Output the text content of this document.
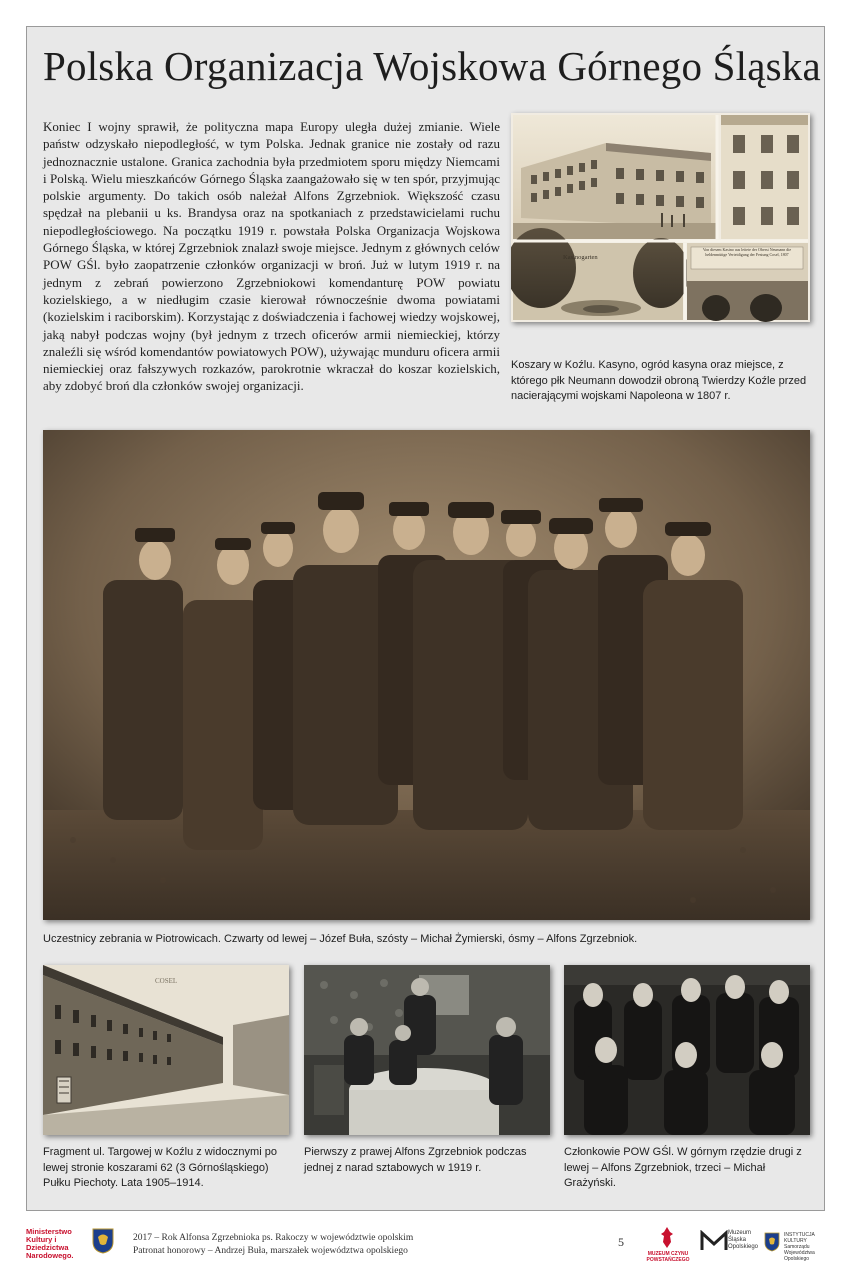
Polska Organizacja Wojskowa Górnego Śląska

Koniec I wojny sprawił, że polityczna mapa Europy uległa dużej zmianie. Wiele państw odzyskało niepodległość, w tym Polska. Jednak granice nie zostały od razu jednoznacznie ustalone. Granica zachodnia była przedmiotem sporu między Niemcami i Polską. Wielu mieszkańców Górnego Śląska zaangażowało się w ten spór, przyjmując polskie argumenty. Do takich osób należał Alfons Zgrzebniok. Większość czasu spędzał na plebanii u ks. Brandysa oraz na spotkaniach z przedstawicielami ruchu niepodległościowego. Na początku 1919 r. powstała Polska Organizacja Wojskowa Górnego Śląska, w której Zgrzebniok znalazł swoje miejsce. Jednym z głównych celów POW GŚl. było zaopatrzenie członków organizacji w broń. Już w lutym 1919 r. na jednym z zebrań powierzono Zgrzebniokowi komendanturę POW powiatu kozielskiego, a w niedługim czasie kierował równocześnie dwoma powiatami (kozielskim i raciborskim). Korzystając z doświadczenia i fachowej wiedzy wojskowej, jaką nabył podczas wojny (był jednym z trzech oficerów armii niemieckiej, którzy znaleźli się wśród komendantów powiatowych POW), używając munduru oficera armii niemieckiej oraz fałszywych rozkazów, parokrotnie wkraczał do koszar kozielskich, aby zdobyć broń dla członków swojej organizacji.

Kasinogarten
Von diesem Kasino aus leitete der Oberst Neumann die heldenmütige Verteidigung der Festung Cosel, 1807
Koszary w Koźlu. Kasyno, ogród kasyna oraz miejsce, z którego płk Neumann dowodził obroną Twierdzy Koźle przed nacierającymi wojskami Napoleona w 1807 r.
Uczestnicy zebrania w Piotrowicach. Czwarty od lewej – Józef Buła, szósty – Michał Żymierski, ósmy – Alfons Zgrzebniok.
COSEL
Fragment ul. Targowej w Koźlu z widocznymi po lewej stronie koszarami 62 (3 Górnośląskiego) Pułku Piechoty. Lata 1905–1914.
Pierwszy z prawej Alfons Zgrzebniok podczas jednej z narad sztabowych w 1919 r.
Członkowie POW GŚl. W górnym rzędzie drugi z lewej – Alfons Zgrzebniok, trzeci – Michał Grażyński.
Ministerstwo Kultury i Dziedzictwa Narodowego.
2017 – Rok Alfonsa Zgrzebnioka ps. Rakoczy w województwie opolskim
Patronat honorowy – Andrzej Buła, marszałek województwa opolskiego
5
MUZEUM CZYNU POWSTAŃCZEGO
Muzeum Śląska Opolskiego
INSTYTUCJA KULTURY Samorządu Województwa Opolskiego
